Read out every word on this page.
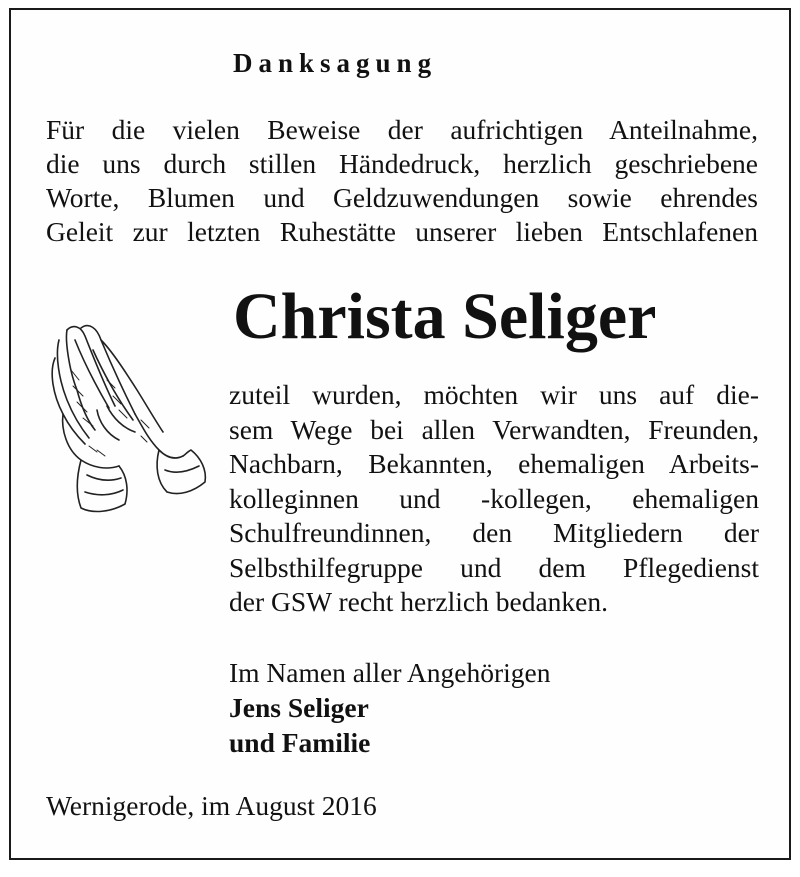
Danksagung
Für die vielen Beweise der aufrichtigen Anteilnahme,
die uns durch stillen Händedruck, herzlich geschriebene
Worte, Blumen und Geldzuwendungen sowie ehrendes
Geleit zur letzten Ruhestätte unserer lieben Entschlafenen
Christa Seliger
zuteil wurden, möchten wir uns auf die-
sem Wege bei allen Verwandten, Freunden,
Nachbarn, Bekannten, ehemaligen Arbeits-
kolleginnen und -kollegen, ehemaligen
Schulfreundinnen, den Mitgliedern der
Selbsthilfegruppe und dem Pflegedienst
der GSW recht herzlich bedanken.
Im Namen aller Angehörigen
Jens Seliger
und Familie
Wernigerode, im August 2016
